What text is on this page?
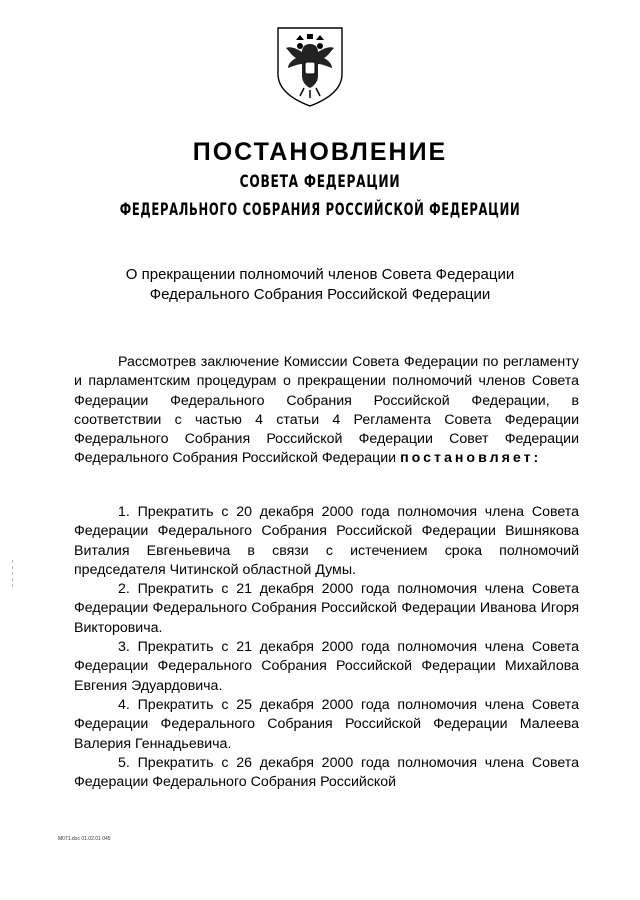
ПОСТАНОВЛЕНИЕ
СОВЕТА ФЕДЕРАЦИИ
ФЕДЕРАЛЬНОГО СОБРАНИЯ РОССИЙСКОЙ ФЕДЕРАЦИИ
О прекращении полномочий членов Совета Федерации
Федерального Собрания Российской Федерации

Рассмотрев заключение Комиссии Совета Федерации по регламенту и парламентским процедурам о прекращении полномочий членов Совета Федерации Федерального Собрания Российской Федерации, в соответствии с частью 4 статьи 4 Регламента Совета Федерации Федерального Собрания Российской Федерации Совет Федерации Федерального Собрания Российской Федерации постановляет:

1. Прекратить с 20 декабря 2000 года полномочия члена Совета Федерации Федерального Собрания Российской Федерации Вишнякова Виталия Евгеньевича в связи с истечением срока полномочий председателя Читинской областной Думы.

2. Прекратить с 21 декабря 2000 года полномочия члена Совета Федерации Федерального Собрания Российской Федерации Иванова Игоря Викторовича.

3. Прекратить с 21 декабря 2000 года полномочия члена Совета Федерации Федерального Собрания Российской Федерации Михайлова Евгения Эдуардовича.

4. Прекратить с 25 декабря 2000 года полномочия члена Совета Федерации Федерального Собрания Российской Федерации Малеева Валерия Геннадьевича.

5. Прекратить с 26 декабря 2000 года полномочия члена Совета Федерации Федерального Собрания Российской

M071.doc 01.02.01 045
